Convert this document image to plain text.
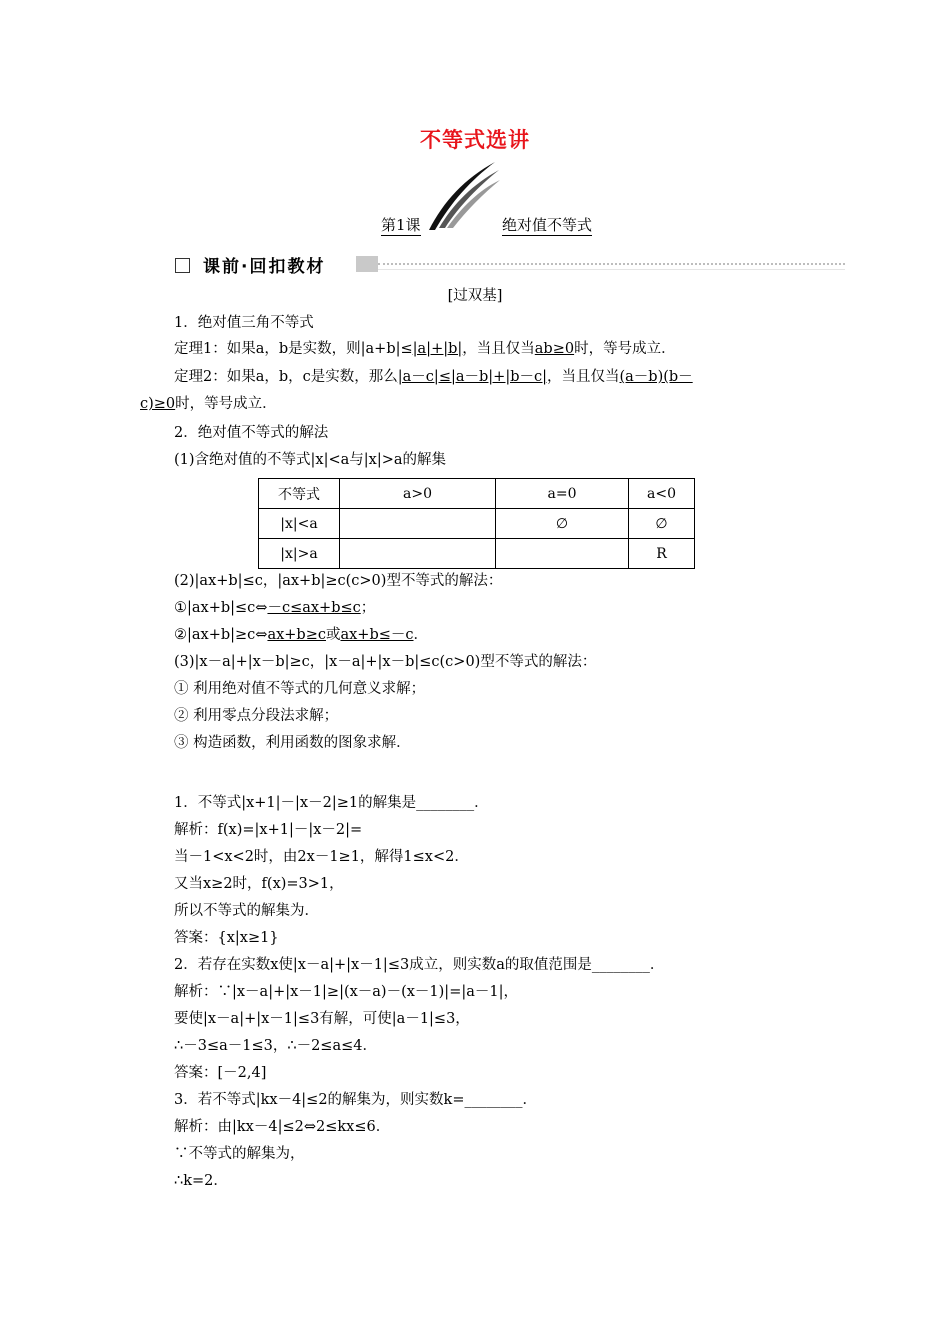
不等式选讲
第1课	绝对值不等式
课前·回扣教材
[过双基]
1．绝对值三角不等式
定理1：如果a，b是实数，则|a+b|≤|a|+|b|，当且仅当ab≥0时，等号成立．
定理2：如果a，b，c是实数，那么|a－c|≤|a－b|+|b－c|，当且仅当(a－b)(b－
c)≥0时，等号成立．
2．绝对值不等式的解法
(1)含绝对值的不等式|x|<a与|x|>a的解集
不等式	a>0	a=0	a<0
|x|<a		∅	∅
|x|>a			R
(2)|ax+b|≤c，|ax+b|≥c(c>0)型不等式的解法：
①|ax+b|≤c⇔－c≤ax+b≤c；
②|ax+b|≥c⇔ax+b≥c或ax+b≤－c．
(3)|x－a|+|x－b|≥c，|x－a|+|x－b|≤c(c>0)型不等式的解法：
① 利用绝对值不等式的几何意义求解；
② 利用零点分段法求解；
③ 构造函数，利用函数的图象求解．
1．不等式|x+1|－|x－2|≥1的解集是________．
解析：f(x)=|x+1|－|x－2|=
当－1<x<2时，由2x－1≥1，解得1≤x<2．
又当x≥2时，f(x)=3>1，
所以不等式的解集为．
答案：{x|x≥1}
2．若存在实数x使|x－a|+|x－1|≤3成立，则实数a的取值范围是________．
解析：∵|x－a|+|x－1|≥|(x－a)－(x－1)|=|a－1|，
要使|x－a|+|x－1|≤3有解，可使|a－1|≤3，
∴－3≤a－1≤3，∴－2≤a≤4．
答案：[－2,4]
3．若不等式|kx－4|≤2的解集为，则实数k=________．
解析：由|kx－4|≤2⇔2≤kx≤6．
∵不等式的解集为，
∴k=2．
